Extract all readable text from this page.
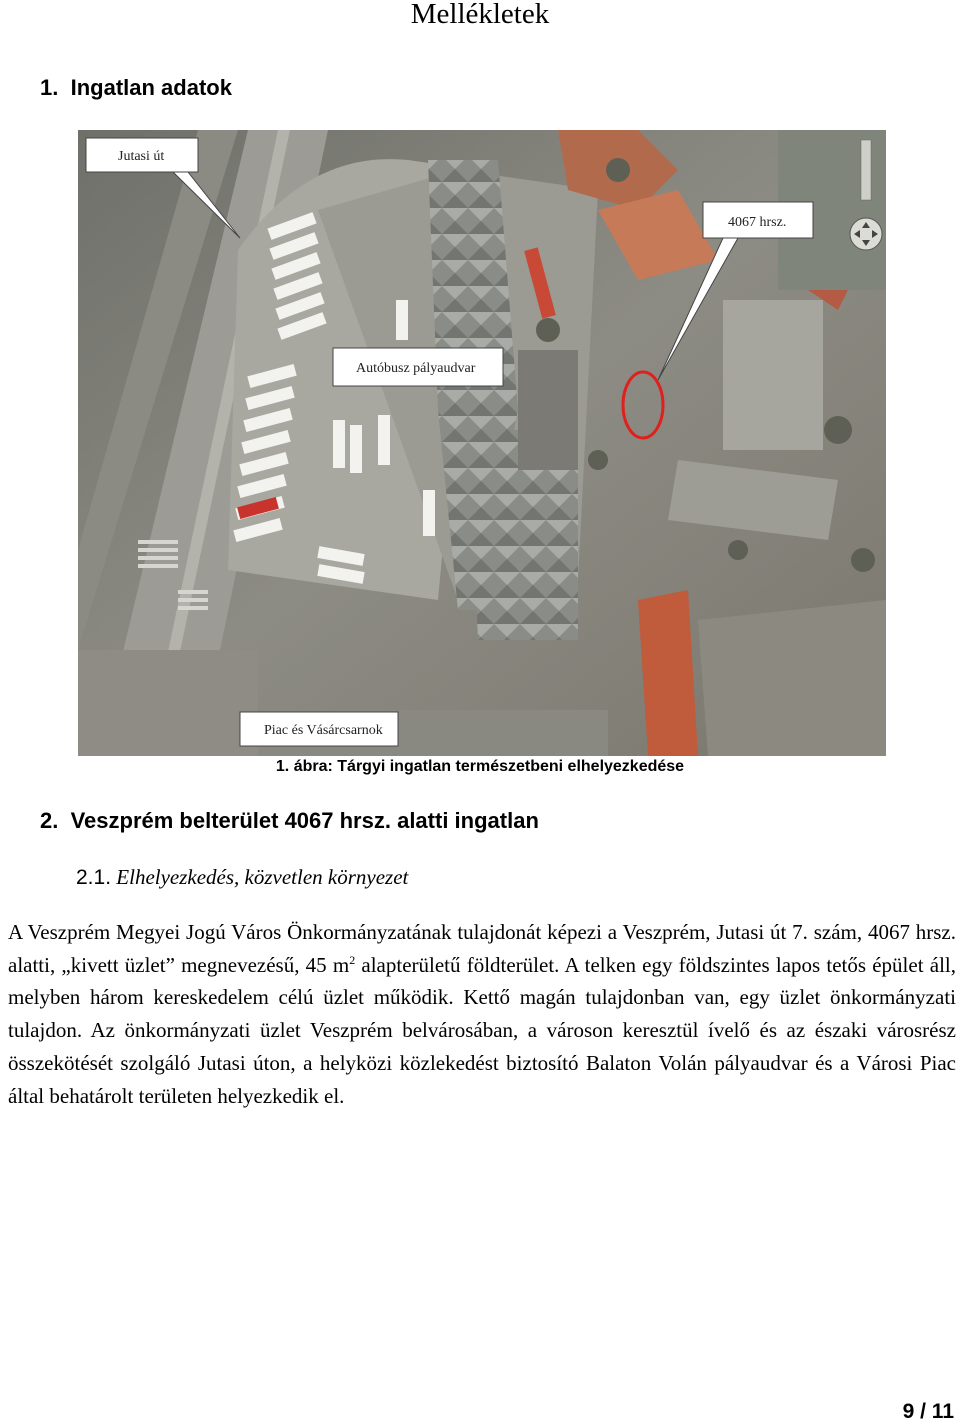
Mellékletek
1. Ingatlan adatok
Jutasi út
4067 hrsz.
Autóbusz pályaudvar
Piac és Vásárcsarnok
1. ábra: Tárgyi ingatlan természetbeni elhelyezkedése
2. Veszprém belterület 4067 hrsz. alatti ingatlan
2.1. Elhelyezkedés, közvetlen környezet

A Veszprém Megyei Jogú Város Önkormányzatának tulajdonát képezi a Veszprém, Jutasi út 7. szám, 4067 hrsz. alatti, „kivett üzlet” megnevezésű, 45 $m^2$ alapterületű földterület. A telken egy földszintes lapos tetős épület áll, melyben három kereskedelem célú üzlet működik. Kettő magán tulajdonban van, egy üzlet önkormányzati tulajdon. Az önkormányzati üzlet Veszprém belvárosában, a városon keresztül ívelő és az északi városrész összekötését szolgáló Jutasi úton, a helyközi közlekedést biztosító Balaton Volán pályaudvar és a Városi Piac által behatárolt területen helyezkedik el.

9 / 11
